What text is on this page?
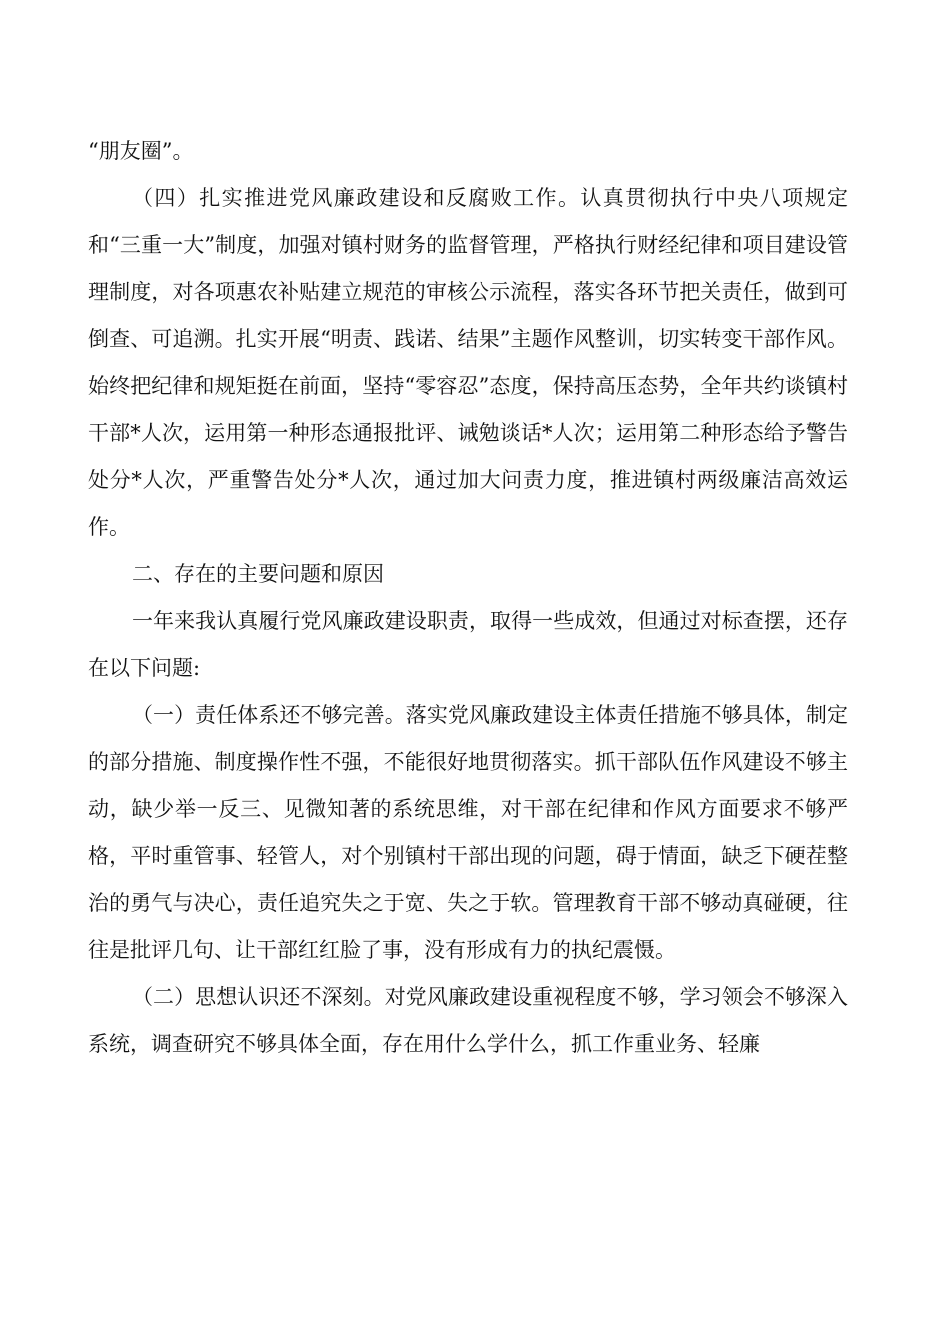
“朋友圈”。

（四）扎实推进党风廉政建设和反腐败工作。认真贯彻执行中央八项规定和“三重一大”制度，加强对镇村财务的监督管理，严格执行财经纪律和项目建设管理制度，对各项惠农补贴建立规范的审核公示流程，落实各环节把关责任，做到可倒查、可追溯。扎实开展“明责、践诺、结果”主题作风整训，切实转变干部作风。始终把纪律和规矩挺在前面，坚持“零容忍”态度，保持高压态势，全年共约谈镇村干部*人次，运用第一种形态通报批评、诫勉谈话*人次；运用第二种形态给予警告处分*人次，严重警告处分*人次，通过加大问责力度，推进镇村两级廉洁高效运作。

二、存在的主要问题和原因

一年来我认真履行党风廉政建设职责，取得一些成效，但通过对标查摆，还存在以下问题:

（一）责任体系还不够完善。落实党风廉政建设主体责任措施不够具体，制定的部分措施、制度操作性不强，不能很好地贯彻落实。抓干部队伍作风建设不够主动，缺少举一反三、见微知著的系统思维，对干部在纪律和作风方面要求不够严格，平时重管事、轻管人，对个别镇村干部出现的问题，碍于情面，缺乏下硬茬整治的勇气与决心，责任追究失之于宽、失之于软。管理教育干部不够动真碰硬，往往是批评几句、让干部红红脸了事，没有形成有力的执纪震慑。

（二）思想认识还不深刻。对党风廉政建设重视程度不够，学习领会不够深入系统，调查研究不够具体全面，存在用什么学什么，抓工作重业务、轻廉
